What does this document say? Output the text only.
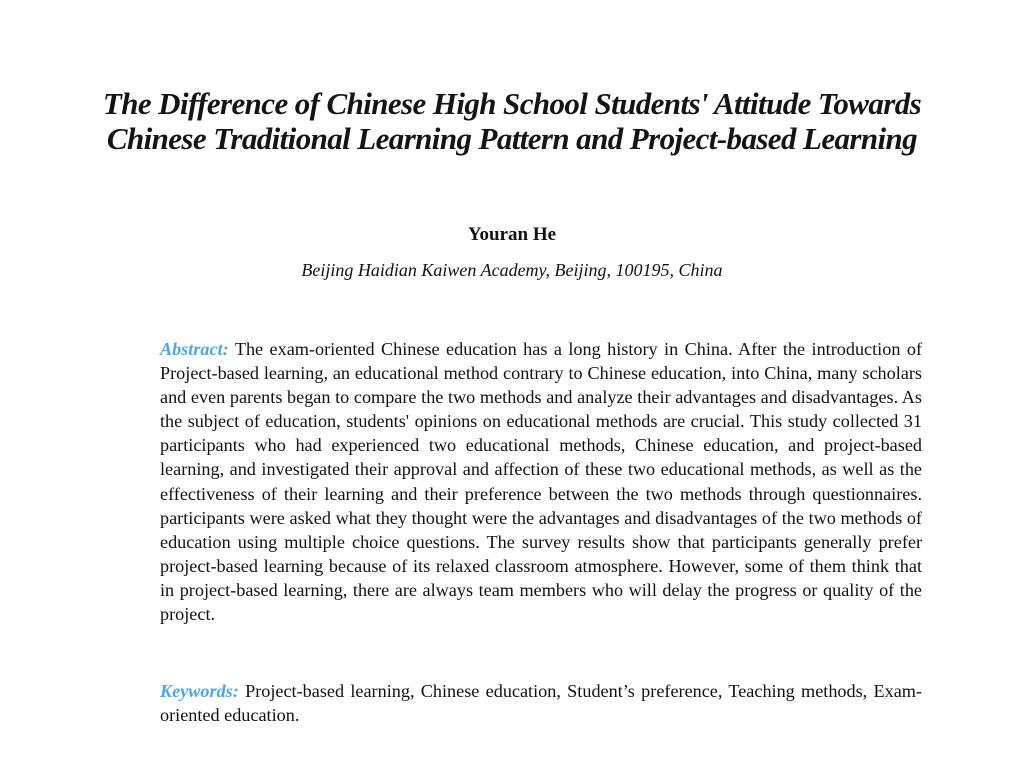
The Difference of Chinese High School Students' Attitude Towards Chinese Traditional Learning Pattern and Project-based Learning
Youran He
Beijing Haidian Kaiwen Academy, Beijing, 100195, China

Abstract: The exam-oriented Chinese education has a long history in China. After the introduction of Project-based learning, an educational method contrary to Chinese education, into China, many scholars and even parents began to compare the two methods and analyze their advantages and disadvantages. As the subject of education, students' opinions on educational methods are crucial. This study collected 31 participants who had experienced two educational methods, Chinese education, and project-based learning, and investigated their approval and affection of these two educational methods, as well as the effectiveness of their learning and their preference between the two methods through questionnaires. participants were asked what they thought were the advantages and disadvantages of the two methods of education using multiple choice questions. The survey results show that participants generally prefer project-based learning because of its relaxed classroom atmosphere. However, some of them think that in project-based learning, there are always team members who will delay the progress or quality of the project.

Keywords: Project-based learning, Chinese education, Student’s preference, Teaching methods, Exam-oriented education.
